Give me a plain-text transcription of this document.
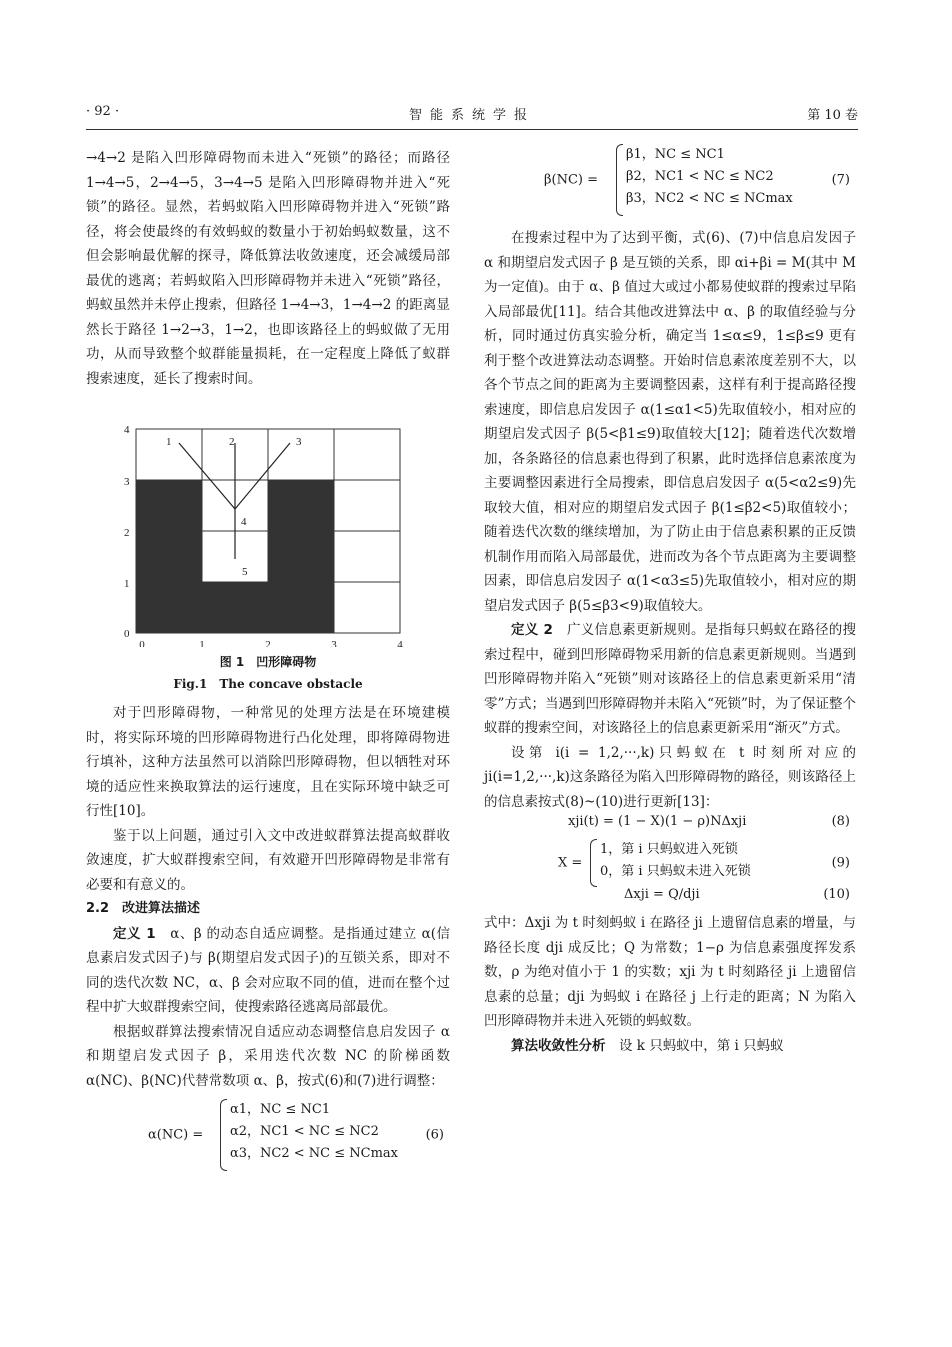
· 92 ·	智能系统学报	第 10 卷

→4→2 是陷入凹形障碍物而未进入“死锁”的路径；而路径 1→4→5，2→4→5，3→4→5 是陷入凹形障碍物并进入“死锁”的路径。显然，若蚂蚁陷入凹形障碍物并进入“死锁”路径，将会使最终的有效蚂蚁的数量小于初始蚂蚁数量，这不但会影响最优解的探寻，降低算法收敛速度，还会减缓局部最优的逃离；若蚂蚁陷入凹形障碍物并未进入“死锁”路径，蚂蚁虽然并未停止搜索，但路径 1→4→3，1→4→2 的距离显然长于路径 1→2→3，1→2，也即该路径上的蚂蚁做了无用功，从而导致整个蚁群能量损耗，在一定程度上降低了蚁群搜索速度，延长了搜索时间。

4
3
2
1
0
0	1	2	3	4
1	2	3
4
5
图 1　凹形障碍物
Fig.1　The concave obstacle

对于凹形障碍物，一种常见的处理方法是在环境建模时，将实际环境的凹形障碍物进行凸化处理，即将障碍物进行填补，这种方法虽然可以消除凹形障碍物，但以牺牲对环境的适应性来换取算法的运行速度，且在实际环境中缺乏可行性[10]。

鉴于以上问题，通过引入文中改进蚁群算法提高蚁群收敛速度，扩大蚁群搜索空间，有效避开凹形障碍物是非常有必要和有意义的。

2.2　改进算法描述

定义 1　 α、β 的动态自适应调整。是指通过建立 α(信息素启发式因子)与 β(期望启发式因子)的互锁关系，即对不同的迭代次数 NC，α、β 会对应取不同的值，进而在整个过程中扩大蚁群搜索空间，使搜索路径逃离局部最优。

根据蚁群算法搜索情况自适应动态调整信息启发因子 α 和期望启发式因子 β，采用迭代次数 NC 的阶梯函数 α(NC)、β(NC)代替常数项 α、β，按式(6)和(7)进行调整：

α(NC) =
α1，NC ≤ NC1
α2，NC1 < NC ≤ NC2
α3，NC2 < NC ≤ NCmax
(6)
β(NC) =
β1，NC ≤ NC1
β2，NC1 < NC ≤ NC2
β3，NC2 < NC ≤ NCmax
(7)

在搜索过程中为了达到平衡，式(6)、(7)中信息启发因子 α 和期望启发式因子 β 是互锁的关系，即 αi+βi = M(其中 M 为一定值)。由于 α、β 值过大或过小都易使蚁群的搜索过早陷入局部最优[11]。结合其他改进算法中 α、β 的取值经验与分析，同时通过仿真实验分析，确定当 1≤α≤9，1≤β≤9 更有利于整个改进算法动态调整。开始时信息素浓度差别不大，以各个节点之间的距离为主要调整因素，这样有利于提高路径搜索速度，即信息启发因子 α(1≤α1<5)先取值较小，相对应的期望启发式因子 β(5<β1≤9)取值较大[12]；随着迭代次数增加，各条路径的信息素也得到了积累，此时选择信息素浓度为主要调整因素进行全局搜索，即信息启发因子 α(5<α2≤9)先取较大值，相对应的期望启发式因子 β(1≤β2<5)取值较小；随着迭代次数的继续增加，为了防止由于信息素积累的正反馈机制作用而陷入局部最优，进而改为各个节点距离为主要调整因素，即信息启发因子 α(1<α3≤5)先取值较小，相对应的期望启发式因子 β(5≤β3<9)取值较大。

定义 2　 广义信息素更新规则。是指每只蚂蚁在路径的搜索过程中，碰到凹形障碍物采用新的信息素更新规则。当遇到凹形障碍物并陷入“死锁”则对该路径上的信息素更新采用“清零”方式；当遇到凹形障碍物并未陷入“死锁”时，为了保证整个蚁群的搜索空间，对该路径上的信息素更新采用“渐灭”方式。

设第 i(i = 1,2,···,k)只蚂蚁在 t 时刻所对应的 ji(i=1,2,···,k)这条路径为陷入凹形障碍物的路径，则该路径上的信息素按式(8)~(10)进行更新[13]：

xji(t) = (1 − X)(1 − ρ)NΔxji	(8)
X =
1，第 i 只蚂蚁进入死锁
0，第 i 只蚂蚁未进入死锁
(9)
Δxji = Q/dji	(10)

式中：Δxji 为 t 时刻蚂蚁 i 在路径 ji 上遗留信息素的增量，与路径长度 dji 成反比；Q 为常数；1−ρ 为信息素强度挥发系数，ρ 为绝对值小于 1 的实数；xji 为 t 时刻路径 ji 上遗留信息素的总量；dji 为蚂蚁 i 在路径 j 上行走的距离；N 为陷入凹形障碍物并未进入死锁的蚂蚁数。

算法收敛性分析　 设 k 只蚂蚁中，第 i 只蚂蚁
